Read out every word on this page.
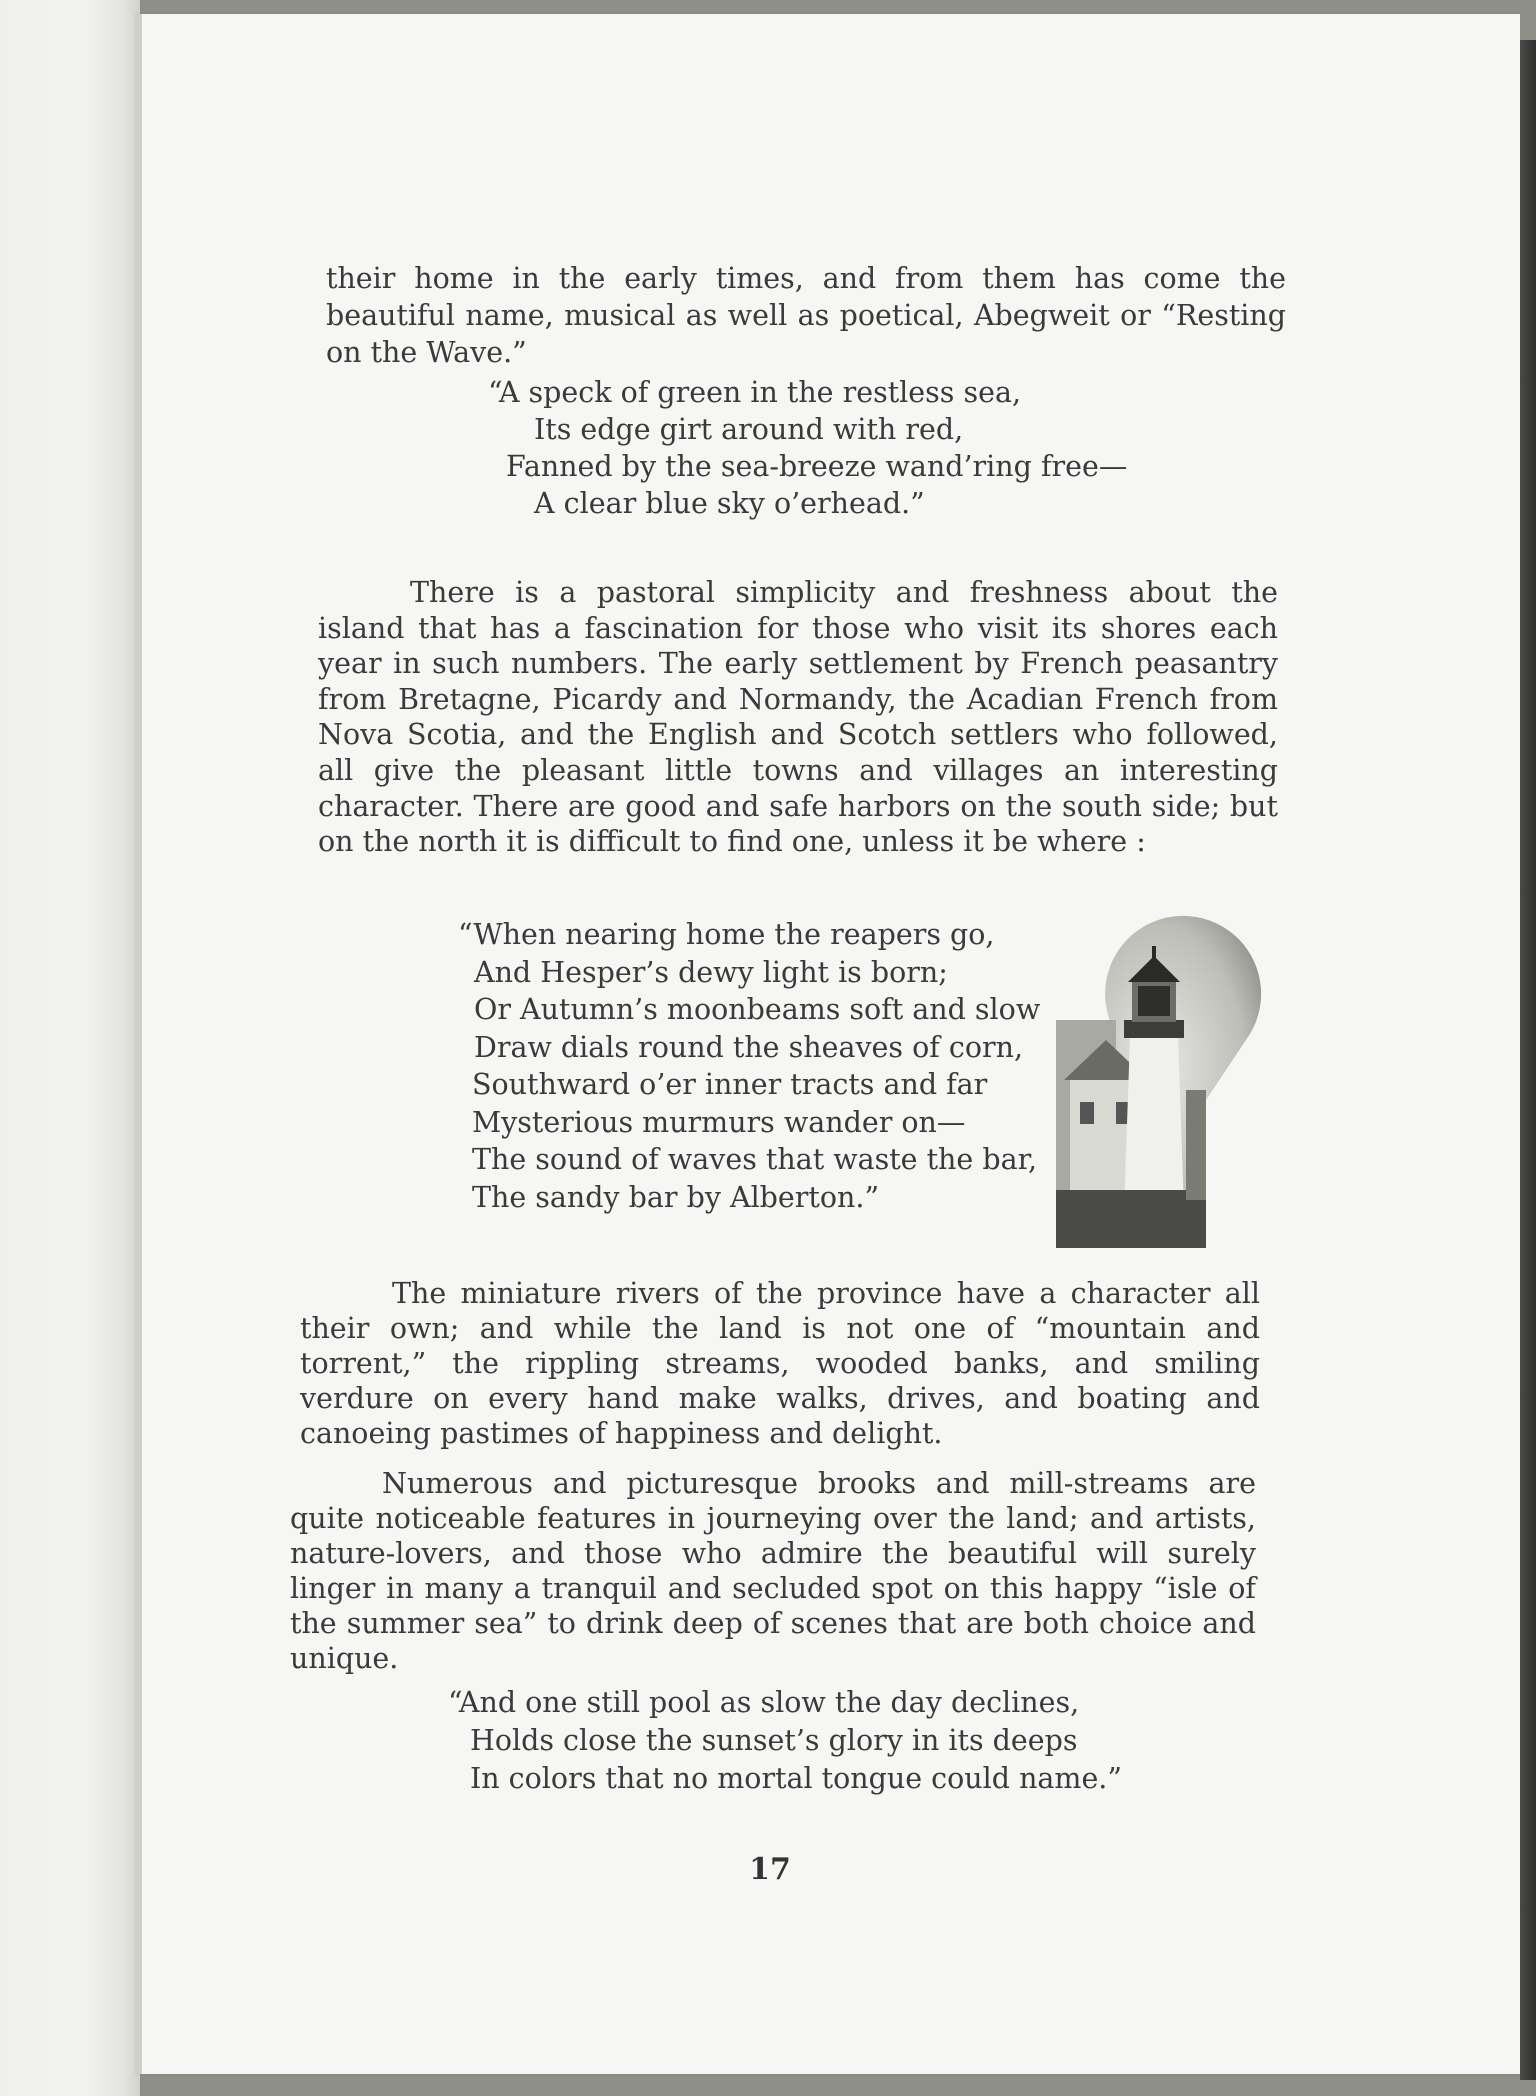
their home in the early times, and from them has come the beautiful name, musical as well as poetical, Abegweit or “Resting on the Wave.”

“A speck of green in the restless sea,
Its edge girt around with red,
Fanned by the sea-breeze wand’ring free—
A clear blue sky o’erhead.”

There is a pastoral simplicity and freshness about the island that has a fascination for those who visit its shores each year in such numbers. The early settlement by French peasantry from Bretagne, Picardy and Normandy, the Acadian French from Nova Scotia, and the English and Scotch settlers who followed, all give the pleasant little towns and villages an interesting character. There are good and safe harbors on the south side; but on the north it is difficult to find one, unless it be where :

“When nearing home the reapers go,
And Hesper’s dewy light is born;
Or Autumn’s moonbeams soft and slow
Draw dials round the sheaves of corn,
Southward o’er inner tracts and far
Mysterious murmurs wander on—
The sound of waves that waste the bar,
The sandy bar by Alberton.”

The miniature rivers of the province have a character all their own; and while the land is not one of “mountain and torrent,” the rippling streams, wooded banks, and smiling verdure on every hand make walks, drives, and boating and canoeing pastimes of happiness and delight.

Numerous and picturesque brooks and mill-streams are quite noticeable features in journeying over the land; and artists, nature-lovers, and those who admire the beautiful will surely linger in many a tranquil and secluded spot on this happy “isle of the summer sea” to drink deep of scenes that are both choice and unique.

“And one still pool as slow the day declines,
Holds close the sunset’s glory in its deeps
In colors that no mortal tongue could name.”
17
